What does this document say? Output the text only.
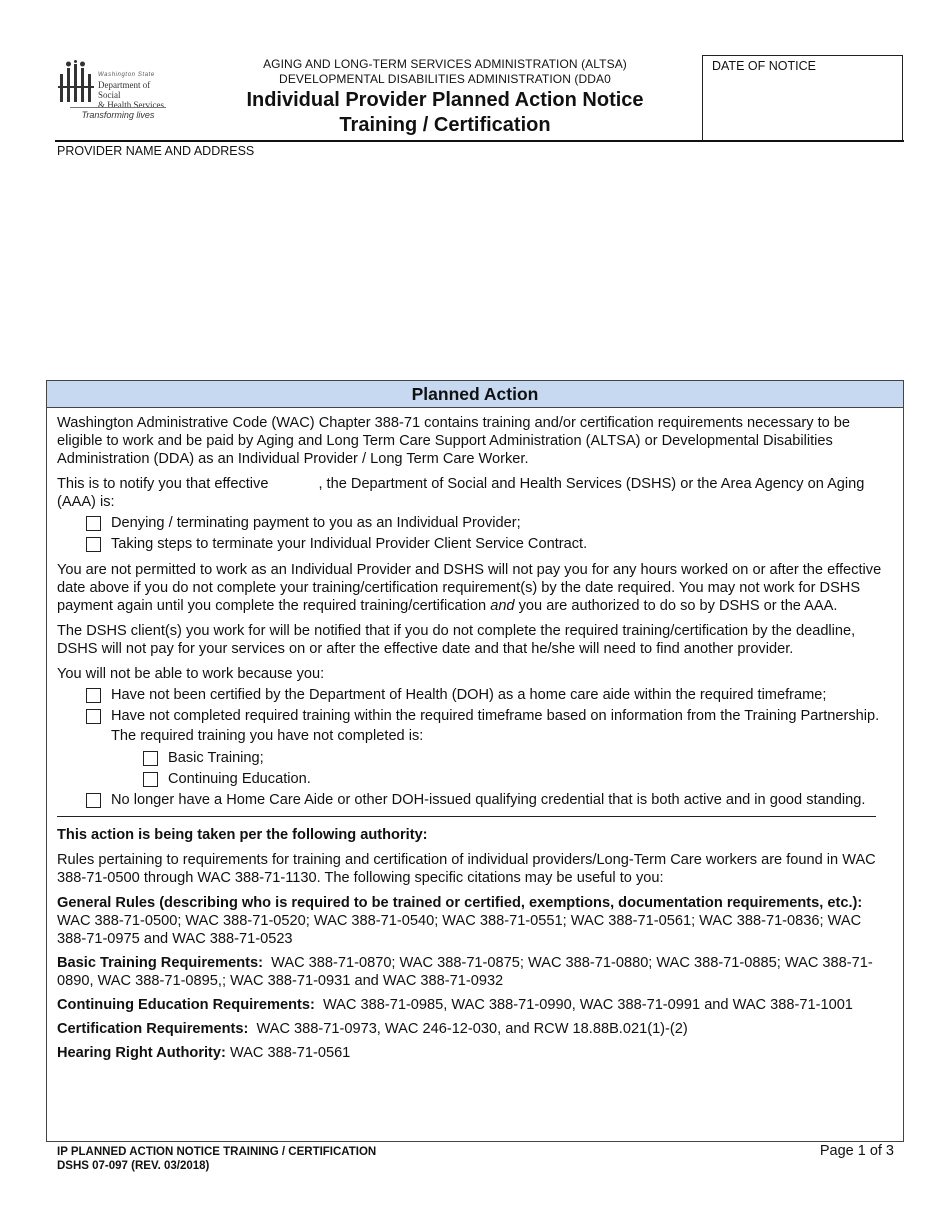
Washington State
Department of Social
& Health Services
Transforming lives
AGING AND LONG-TERM SERVICES ADMINISTRATION (ALTSA)
DEVELOPMENTAL DISABILITIES ADMINISTRATION (DDA0
Individual Provider Planned Action Notice
Training / Certification
DATE OF NOTICE
PROVIDER NAME AND ADDRESS
Planned Action

Washington Administrative Code (WAC) Chapter 388-71 contains training and/or certification requirements necessary to be eligible to work and be paid by Aging and Long Term Care Support Administration (ALTSA) or Developmental Disabilities Administration (DDA) as an Individual Provider / Long Term Care Worker.

This is to notify you that effective	, the Department of Social and Health Services (DSHS) or the Area Agency on Aging (AAA) is:

Denying / terminating payment to you as an Individual Provider;
Taking steps to terminate your Individual Provider Client Service Contract.

You are not permitted to work as an Individual Provider and DSHS will not pay you for any hours worked on or after the effective date above if you do not complete your training/certification requirement(s) by the date required. You may not work for DSHS payment again until you complete the required training/certification and you are authorized to do so by DSHS or the AAA.

The DSHS client(s) you work for will be notified that if you do not complete the required training/certification by the deadline, DSHS will not pay for your services on or after the effective date and that he/she will need to find another provider.

You will not be able to work because you:

Have not been certified by the Department of Health (DOH) as a home care aide within the required timeframe;
Have not completed required training within the required timeframe based on information from the Training Partnership. The required training you have not completed is:
Basic Training;
Continuing Education.
No longer have a Home Care Aide or other DOH-issued qualifying credential that is both active and in good standing.

This action is being taken per the following authority:

Rules pertaining to requirements for training and certification of individual providers/Long-Term Care workers are found in WAC 388-71-0500 through WAC 388-71-1130. The following specific citations may be useful to you:

General Rules (describing who is required to be trained or certified, exemptions, documentation requirements, etc.):  WAC 388-71-0500; WAC 388-71-0520; WAC 388-71-0540; WAC 388-71-0551; WAC 388-71-0561; WAC 388-71-0836; WAC 388-71-0975 and WAC 388-71-0523
Basic Training Requirements: WAC 388-71-0870; WAC 388-71-0875; WAC 388-71-0880; WAC 388-71-0885; WAC 388-71-0890, WAC 388-71-0895,; WAC 388-71-0931 and WAC 388-71-0932
Continuing Education Requirements: WAC 388-71-0985, WAC 388-71-0990, WAC 388-71-0991 and WAC 388-71-1001
Certification Requirements: WAC 388-71-0973, WAC 246-12-030, and RCW 18.88B.021(1)-(2)
Hearing Right Authority: WAC 388-71-0561
IP PLANNED ACTION NOTICE TRAINING / CERTIFICATION
DSHS 07-097 (REV. 03/2018)
Page 1 of 3
